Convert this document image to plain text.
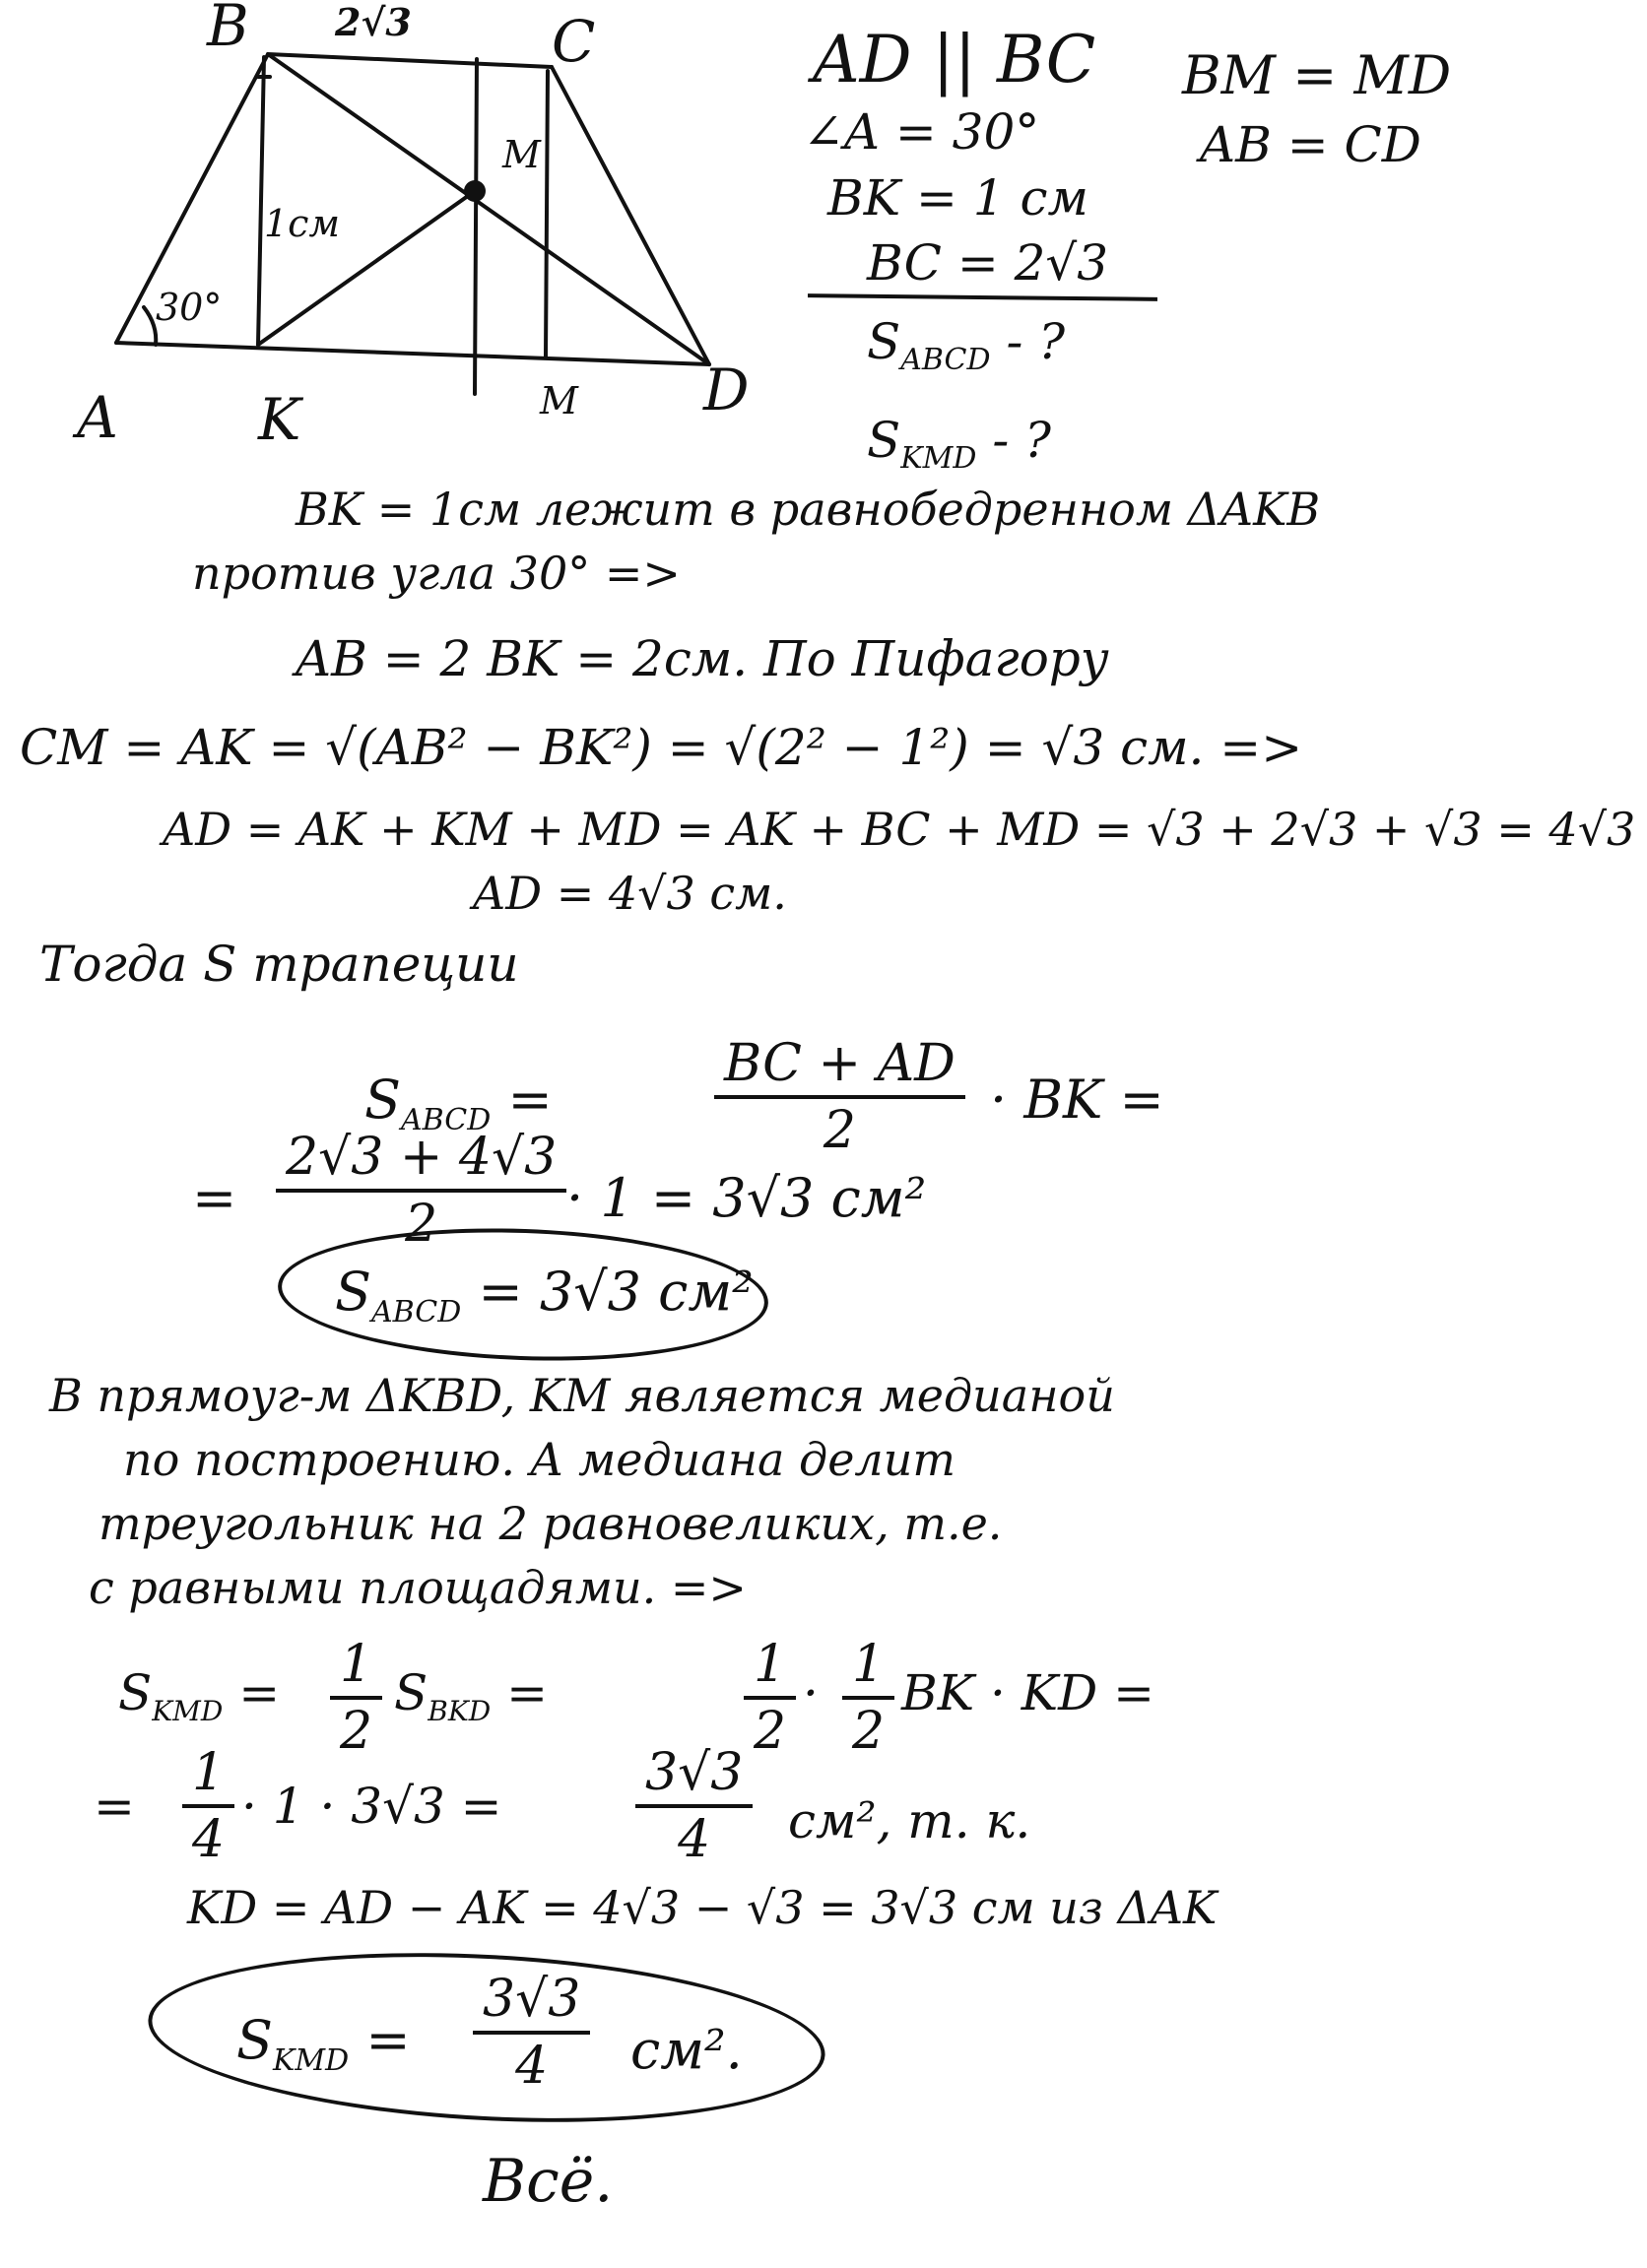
B	C
A K	D
M
M
2√3
1см
30°
AD || BC
∠A = 30°
BK = 1 см
BC = 2√3
BM = MD
AB = CD
$S_{ABCD}$ - ?
$S_{KMD}$ - ?
BK = 1см лежит в равнобедренном ΔAKB
против угла 30° =>
AB = 2 BK = 2см. По Пифагору
CM = AK = √(AB² − BK²) = √(2² − 1²) = √3 см. =>
AD = AK + KM + MD = AK + BC + MD = √3 + 2√3 + √3 = 4√3
AD = 4√3 см.
Тогда S трапеции
$S_{ABCD}$ =	$\frac{BC + AD}{2}$ · BK =
= $\frac{2√3 + 4√3}{2} \cdot 1 = 3√3$ см²
$S_{ABCD} = 3√3$ см²
В прямоуг-м ΔKBD, KM является медианой
по построению. А медиана делит
треугольник на 2 равновеликих, т.е.
с равными площадями. =>
$S_{KMD} = \frac{1}{2} S_{BKD}$ =	$\frac{1}{2} \cdot \frac{1}{2}$ BK · KD =
= $\frac{1}{4} \cdot 1 \cdot 3√3$ =	$\frac{3√3}{4} см^2$, т. к.
KD = AD − AK = 4√3 − √3 = 3√3 см из ΔAK
$S_{KMD} = \frac{3√3}{4} см^2$.
Всё.
